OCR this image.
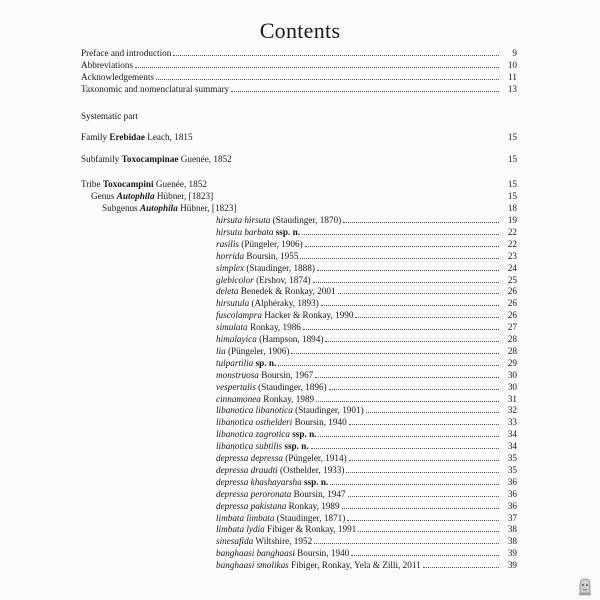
Contents
Preface and introduction	9
Abbreviations	10
Acknowledgements	11
Taxonomic and nomenclatural summary	13
Systematic part
Family Erebidae Leach, 1815	15
Subfamily Toxocampinae Guenée, 1852	15
Tribe Toxocampini Guenée, 1852	15
Genus Autophila Hübner, [1823]	15
Subgenus Autophila Hübner, [1823]	18
hirsuta hirsuta (Staudinger, 1870)	19
hirsuta barbata ssp. n.	22
rasilis (Püngeler, 1906)	22
horrida Boursin, 1955	23
simplex (Staudinger, 1888)	24
glebicolor (Ershov, 1874)	25
deleta Benedek & Ronkay, 2001	26
hirsutula (Alphéraky, 1893)	26
fuscolampra Hacker & Ronkay, 1990	26
simulata Ronkay, 1986	27
himalayica (Hampson, 1894)	28
lia (Püngeler, 1906)	28
tulpartilia sp. n.	29
monstruosa Boursin, 1967	30
vespertalis (Staudinger, 1896)	30
cinnamonea Ronkay, 1989	31
libanotica libanotica (Staudinger, 1901)	32
libanotica osthelderi Boursin, 1940	33
libanotica zagrotica ssp. n.	34
libanotica subtilis ssp. n.	34
depressa depressa (Püngeler, 1914)	35
depressa draudti (Osthelder, 1933)	35
depressa khashayarsha ssp. n.	36
depressa peroronata Boursin, 1947	36
depressa pakistana Ronkay, 1989	36
limbata limbata (Staudinger, 1871)	37
limbata lydia Fibiger & Ronkay, 1991	38
sinesafida Wiltshire, 1952	38
banghaasi banghaasi Boursin, 1940	39
banghaasi smolikas Fibiger, Ronkay, Yela & Zilli, 2011	39
